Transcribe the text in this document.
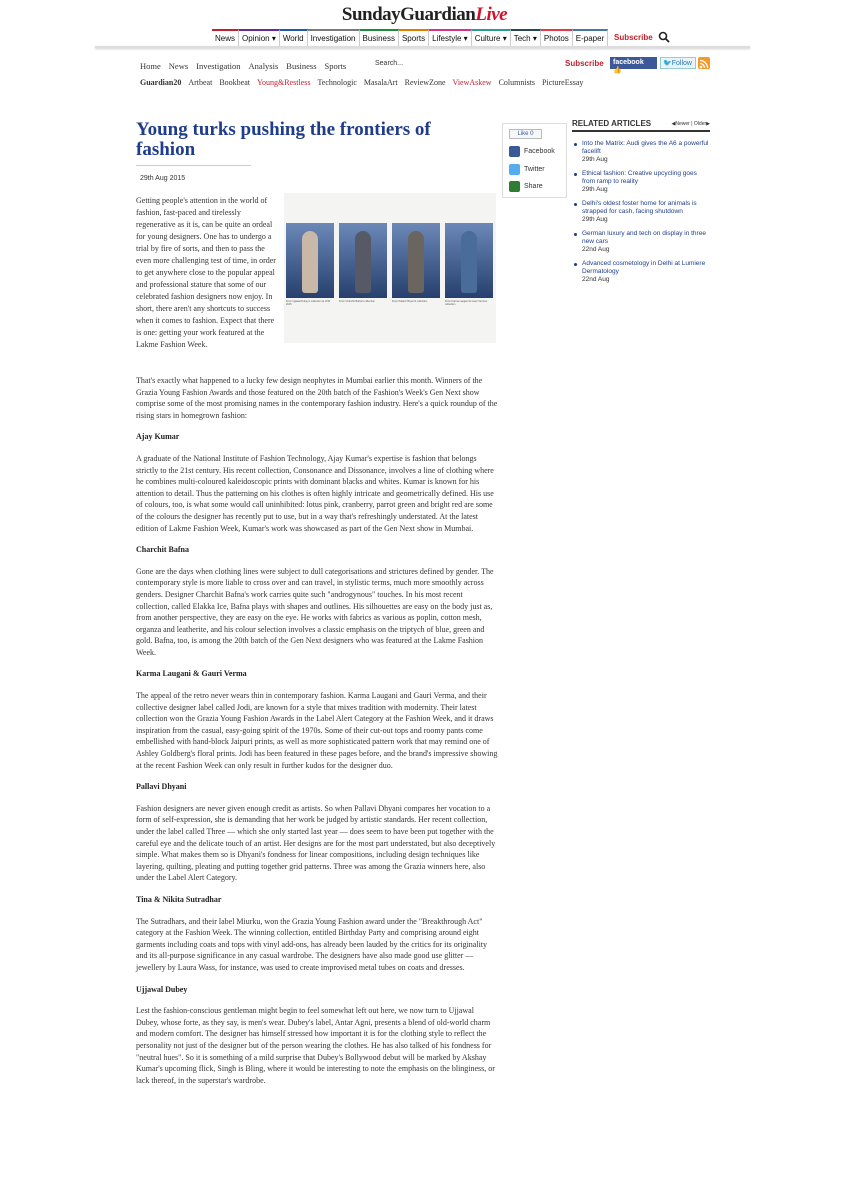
SundayGuardianLive
News Opinion ▾ World Investigation Business Sports Lifestyle ▾ Culture ▾ Tech ▾ Photos E-paper	Subscribe
Home News Investigation Analysis Business Sports	Search...	Subscribe	facebook 👍
🐦Follow
Guardian20 Artbeat Bookbeat Young&Restless Technologic MasalaArt ReviewZone ViewAskew Columnists PictureEssay
Young turks pushing the frontiers of fashion
29th Aug 2015
Getting people's attention in the world of fashion, fast-paced and tirelessly regenerative as it is, can be quite an ordeal for young designers. One has to undergo a trial by fire of sorts, and then to pass the even more challenging test of time, in order to get anywhere close to the popular appeal and professional stature that some of our celebrated fashion designers now enjoy. In short, there aren't any shortcuts to success when it comes to fashion. Expect that there is one: getting your work featured at the Lakme Fashion Week.
From Ujjawal Dubey's collection at LFW 2015
From Charchit Bafna's collection	From Pallavi Dhyani's collection	From Karma Laugani & Gauri Verma's collection

That's exactly what happened to a lucky few design neophytes in Mumbai earlier this month. Winners of the Grazia Young Fashion Awards and those featured on the 20th batch of the Fashion's Week's Gen Next show comprise some of the most promising names in the contemporary fashion industry. Here's a quick roundup of the rising stars in homegrown fashion:

Ajay Kumar

A graduate of the National Institute of Fashion Technology, Ajay Kumar's expertise is fashion that belongs strictly to the 21st century. His recent collection, Consonance and Dissonance, involves a line of clothing where he combines multi-coloured kaleidoscopic prints with dominant blacks and whites. Kumar is known for his attention to detail. Thus the patterning on his clothes is often highly intricate and geometrically defined. His use of colours, too, is what some would call uninhibited: lotus pink, cranberry, parrot green and bright red are some of the colours the designer has recently put to use, but in a way that's refreshingly understated. At the latest edition of Lakme Fashion Week, Kumar's work was showcased as part of the Gen Next show in Mumbai.

Charchit Bafna

Gone are the days when clothing lines were subject to dull categorisations and strictures defined by gender. The contemporary style is more liable to cross over and can travel, in stylistic terms, much more smoothly across genders. Designer Charchit Bafna's work carries quite such "androgynous" touches. In his most recent collection, called Elakka Ice, Bafna plays with shapes and outlines. His silhouettes are easy on the body just as, from another perspective, they are easy on the eye. He works with fabrics as various as poplin, cotton mesh, organza and leatherite, and his colour selection involves a classic emphasis on the triptych of blue, green and gold. Bafna, too, is among the 20th batch of the Gen Next designers who was featured at the Lakme Fashion Week.

Karma Laugani & Gauri Verma

The appeal of the retro never wears thin in contemporary fashion. Karma Laugani and Gauri Verma, and their collective designer label called Jodi, are known for a style that mixes tradition with modernity. Their latest collection won the Grazia Young Fashion Awards in the Label Alert Category at the Fashion Week, and it draws inspiration from the casual, easy-going spirit of the 1970s. Some of their cut-out tops and roomy pants come embellished with hand-block Jaipuri prints, as well as more sophisticated pattern work that may remind one of Ashley Goldberg's floral prints. Jodi has been featured in these pages before, and the brand's impressive showing at the recent Fashion Week can only result in further kudos for the designer duo.

Pallavi Dhyani

Fashion designers are never given enough credit as artists. So when Pallavi Dhyani compares her vocation to a form of self-expression, she is demanding that her work be judged by artistic standards. Her recent collection, under the label called Three — which she only started last year — does seem to have been put together with the careful eye and the delicate touch of an artist. Her designs are for the most part understated, but also deceptively simple. What makes them so is Dhyani's fondness for linear compositions, including design techniques like layering, quilting, pleating and putting together grid patterns. Three was among the Grazia winners here, also under the Label Alert Category.

Tina & Nikita Sutradhar

The Sutradhars, and their label Miurku, won the Grazia Young Fashion award under the "Breakthrough Act" category at the Fashion Week. The winning collection, entitled Birthday Party and comprising around eight garments including coats and tops with vinyl add-ons, has already been lauded by the critics for its originality and its all-purpose significance in any casual wardrobe. The designers have also made good use glitter — jewellery by Laura Wass, for instance, was used to create improvised metal tubes on coats and dresses.

Ujjawal Dubey

Lest the fashion-conscious gentleman might begin to feel somewhat left out here, we now turn to Ujjawal Dubey, whose forte, as they say, is men's wear. Dubey's label, Antar Agni, presents a blend of old-world charm and modern comfort. The designer has himself stressed how important it is for the clothing style to reflect the personality not just of the designer but of the person wearing the clothes. He has also talked of his fondness for "neutral hues". So it is something of a mild surprise that Dubey's Bollywood debut will be marked by Akshay Kumar's upcoming flick, Singh is Bling, where it would be interesting to note the emphasis on the blinginess, or lack thereof, in the superstar's wardrobe.

Like 0
Facebook
Twitter
Share
RELATED ARTICLES	◀Newer | Older▶
Into the Matrix: Audi gives the A6 a powerful facelift
29th Aug
Ethical fashion: Creative upcycling goes from ramp to reality
29th Aug
Delhi's oldest foster home for animals is strapped for cash, facing shutdown
29th Aug
German luxury and tech on display in three new cars
22nd Aug
Advanced cosmetology in Delhi at Lumiere Dermatology
22nd Aug
